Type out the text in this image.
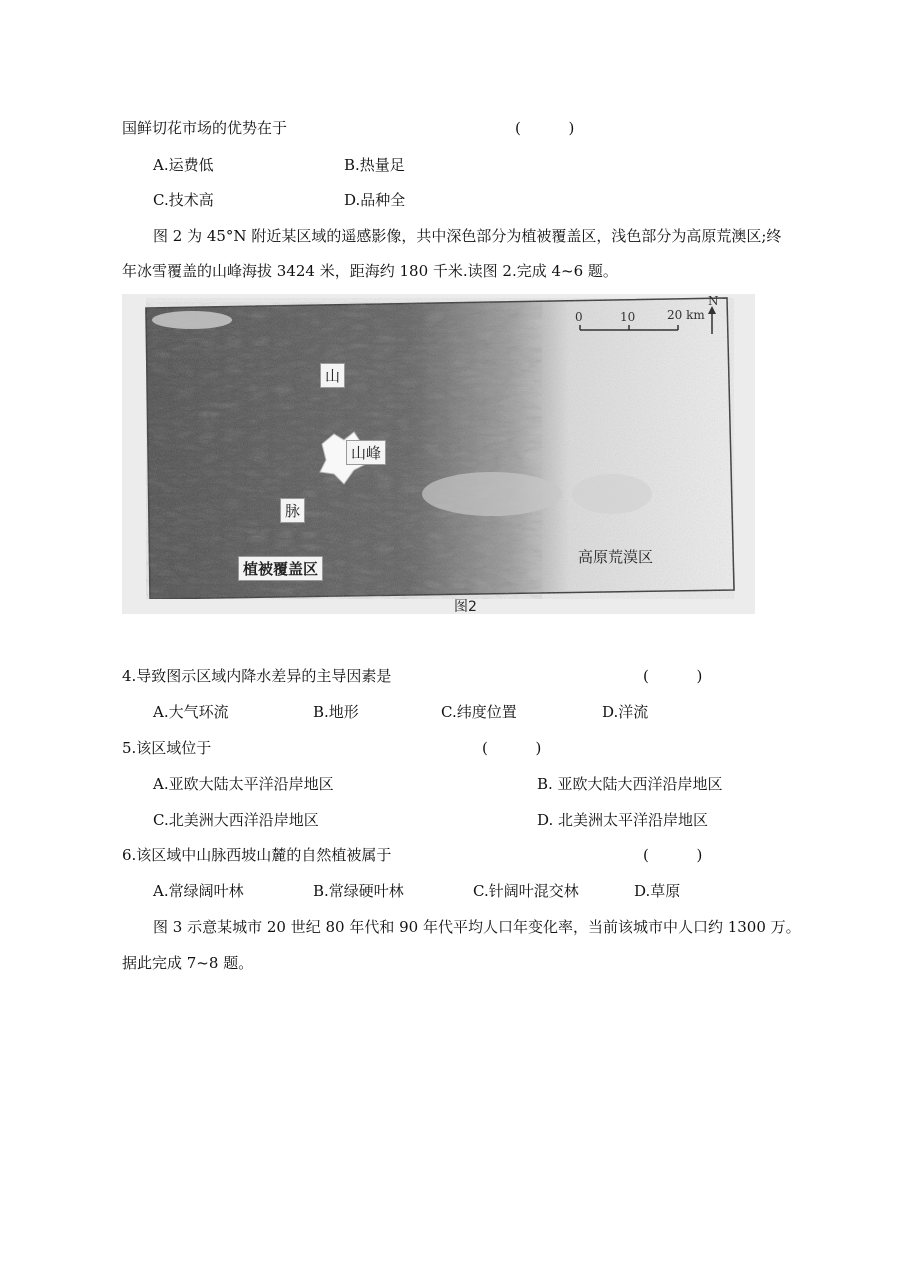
国鲜切花市场的优势在于	(          )
A.运费低	B.热量足
C.技术高	D.品种全
图 2 为 45°N 附近某区域的遥感影像，共中深色部分为植被覆盖区，浅色部分为高原荒澳区;终
年冰雪覆盖的山峰海拔 3424 米，距海约 180 千米.读图 2.完成 4~6 题。
0	10	20 km
N
山
脉
山峰
植被覆盖区
高原荒漠区
图2
4.导致图示区域内降水差异的主导因素是	(          )
A.大气环流	B.地形	C.纬度位置	D.洋流
5.该区域位于	(          )
A.亚欧大陆太平洋沿岸地区	B. 亚欧大陆大西洋沿岸地区
C.北美洲大西洋沿岸地区	D. 北美洲太平洋沿岸地区
6.该区域中山脉西坡山麓的自然植被属于	(          )
A.常绿阔叶林	B.常绿硬叶林	C.针阔叶混交林	D.草原
图 3 示意某城市 20 世纪 80 年代和 90 年代平均人口年变化率，当前该城市中人口约 1300 万。
据此完成 7~8 题。
